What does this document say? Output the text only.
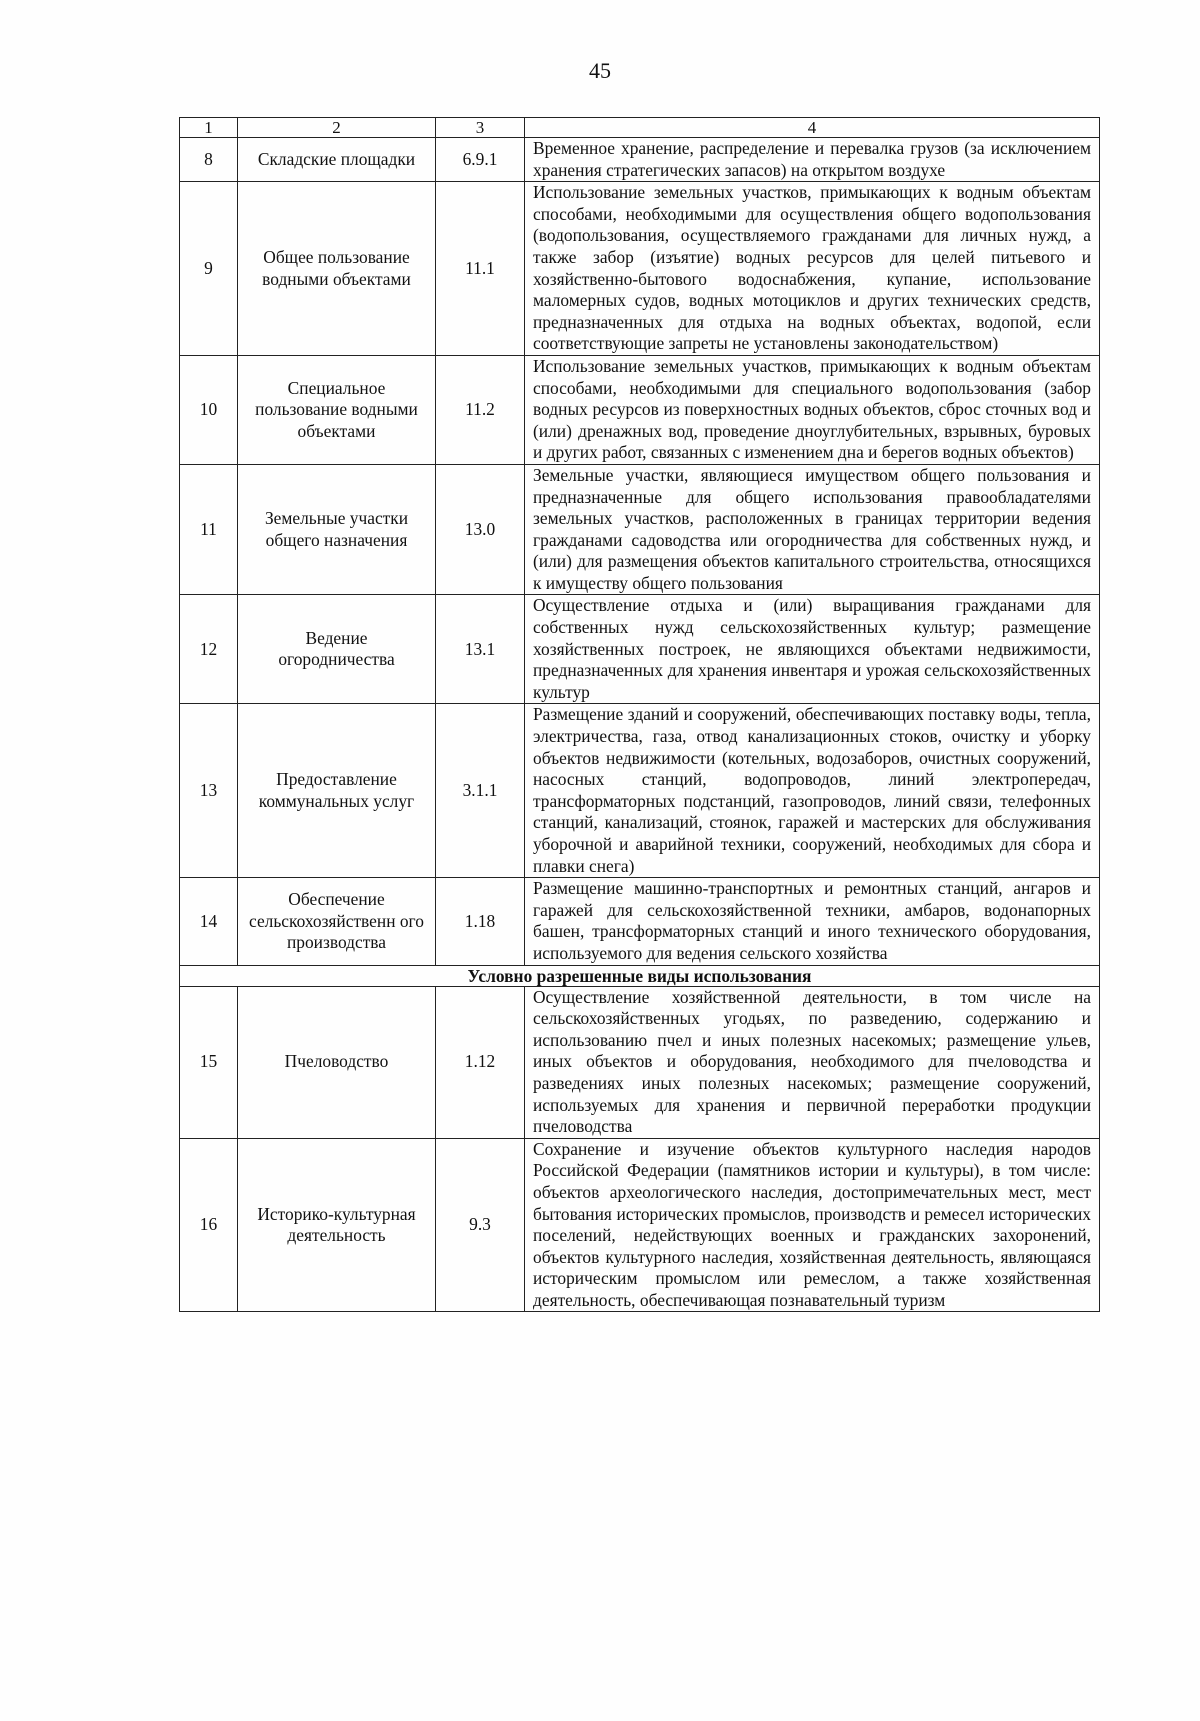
45
1	2	3	4
8	Складские площадки	6.9.1	Временное хранение, распределение и перевалка грузов (за исключением хранения стратегических запасов) на открытом воздухе
9	Общее пользование водными объектами	11.1	Использование земельных участков, примыкающих к водным объектам способами, необходимыми для осуществления общего водопользования (водопользования, осуществляемого гражданами для личных нужд, а также забор (изъятие) водных ресурсов для целей питьевого и хозяйственно-бытового водоснабжения, купание, использование маломерных судов, водных мотоциклов и других технических средств, предназначенных для отдыха на водных объектах, водопой, если соответствующие запреты не установлены законодательством)
10	Специальное пользование водными объектами	11.2	Использование земельных участков, примыкающих к водным объектам способами, необходимыми для специального водопользования (забор водных ресурсов из поверхностных водных объектов, сброс сточных вод и (или) дренажных вод, проведение дноуглубительных, взрывных, буровых и других работ, связанных с изменением дна и берегов водных объектов)
11	Земельные участки общего назначения	13.0	Земельные участки, являющиеся имуществом общего пользования и предназначенные для общего использования правообладателями земельных участков, расположенных в границах территории ведения гражданами садоводства или огородничества для собственных нужд, и (или) для размещения объектов капитального строительства, относящихся к имуществу общего пользования
12	Ведение огородничества	13.1	Осуществление отдыха и (или) выращивания гражданами для собственных нужд сельскохозяйственных культур; размещение хозяйственных построек, не являющихся объектами недвижимости, предназначенных для хранения инвентаря и урожая сельскохозяйственных культур
13	Предоставление коммунальных услуг	3.1.1	Размещение зданий и сооружений, обеспечивающих поставку воды, тепла, электричества, газа, отвод канализационных стоков, очистку и уборку объектов недвижимости (котельных, водозаборов, очистных сооружений, насосных станций, водопроводов, линий электропередач, трансформаторных подстанций, газопроводов, линий связи, телефонных станций, канализаций, стоянок, гаражей и мастерских для обслуживания уборочной и аварийной техники, сооружений, необходимых для сбора и плавки снега)
14	Обеспечение сельскохозяйственн ого производства	1.18	Размещение машинно-транспортных и ремонтных станций, ангаров и гаражей для сельскохозяйственной техники, амбаров, водонапорных башен, трансформаторных станций и иного технического оборудования, используемого для ведения сельского хозяйства
Условно разрешенные виды использования			
15	Пчеловодство	1.12	Осуществление хозяйственной деятельности, в том числе на сельскохозяйственных угодьях, по разведению, содержанию и использованию пчел и иных полезных насекомых; размещение ульев, иных объектов и оборудования, необходимого для пчеловодства и разведениях иных полезных насекомых; размещение сооружений, используемых для хранения и первичной переработки продукции пчеловодства
16	Историко-культурная деятельность	9.3	Сохранение и изучение объектов культурного наследия народов Российской Федерации (памятников истории и культуры), в том числе: объектов археологического наследия, достопримечательных мест, мест бытования исторических промыслов, производств и ремесел исторических поселений, недействующих военных и гражданских захоронений, объектов культурного наследия, хозяйственная деятельность, являющаяся историческим промыслом или ремеслом, а также хозяйственная деятельность, обеспечивающая познавательный туризм
